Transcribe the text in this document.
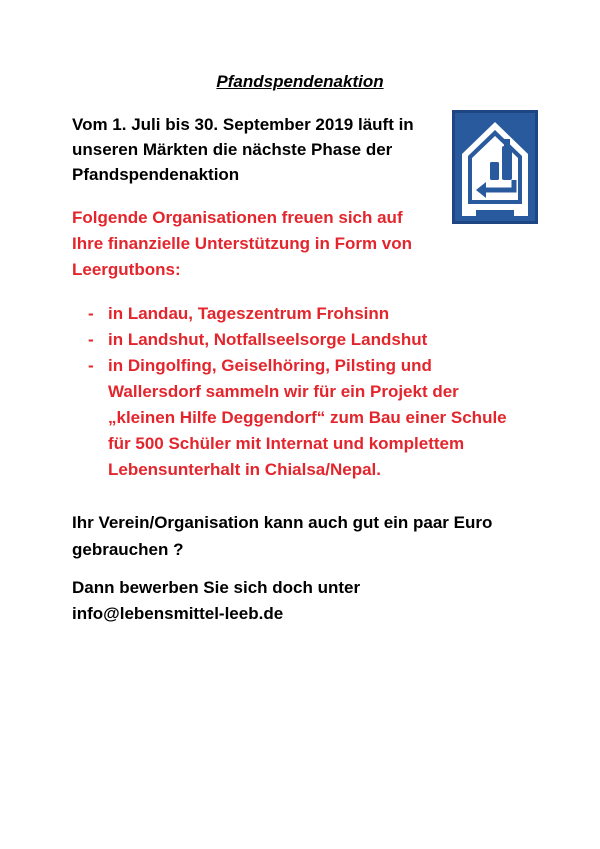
Pfandspendenaktion
Vom 1. Juli bis 30. September 2019 läuft in
unseren Märkten die nächste Phase der
Pfandspendenaktion
Folgende Organisationen freuen sich auf
Ihre finanzielle Unterstützung in Form von
Leergutbons:
- in Landau, Tageszentrum Frohsinn
- in Landshut, Notfallseelsorge Landshut
- in Dingolfing, Geiselhöring, Pilsting und
Wallersdorf sammeln wir für ein Projekt der
„kleinen Hilfe Deggendorf“ zum Bau einer Schule
für 500 Schüler mit Internat und komplettem
Lebensunterhalt in Chialsa/Nepal.
Ihr Verein/Organisation kann auch gut ein paar Euro
gebrauchen ?
Dann bewerben Sie sich doch unter
info@lebensmittel-leeb.de
